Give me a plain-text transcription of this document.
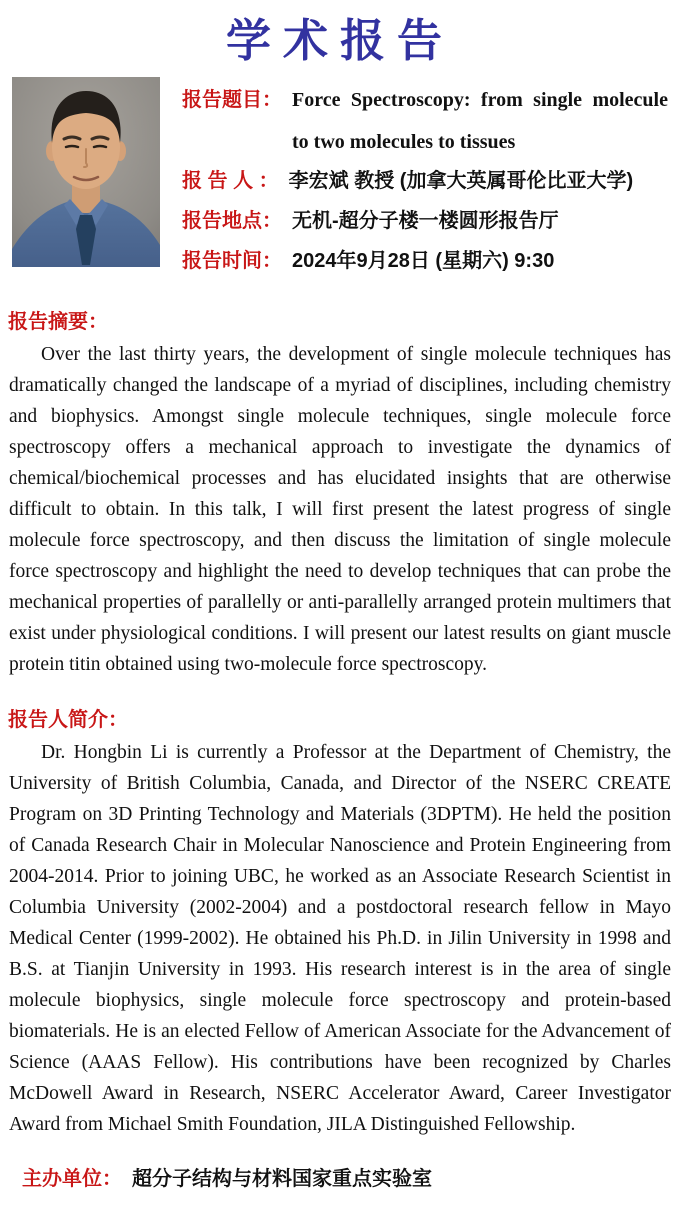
学术报告
报告题目： Force Spectroscopy: from single molecule to two molecules to tissues
报 告 人 ： 李宏斌 教授 (加拿大英属哥伦比亚大学)
报告地点： 无机-超分子楼一楼圆形报告厅
报告时间： 2024年9月28日 (星期六) 9:30
报告摘要：

Over the last thirty years, the development of single molecule techniques has dramatically changed the landscape of a myriad of disciplines, including chemistry and biophysics. Amongst single molecule techniques, single molecule force spectroscopy offers a mechanical approach to investigate the dynamics of chemical/biochemical processes and has elucidated insights that are otherwise difficult to obtain. In this talk, I will first present the latest progress of single molecule force spectroscopy, and then discuss the limitation of single molecule force spectroscopy and highlight the need to develop techniques that can probe the mechanical properties of parallelly or anti-parallelly arranged protein multimers that exist under physiological conditions. I will present our latest results on giant muscle protein titin obtained using two-molecule force spectroscopy.

报告人简介：

Dr. Hongbin Li is currently a Professor at the Department of Chemistry, the University of British Columbia, Canada, and Director of the NSERC CREATE Program on 3D Printing Technology and Materials (3DPTM). He held the position of Canada Research Chair in Molecular Nanoscience and Protein Engineering from 2004-2014. Prior to joining UBC, he worked as an Associate Research Scientist in Columbia University (2002-2004) and a postdoctoral research fellow in Mayo Medical Center (1999-2002). He obtained his Ph.D. in Jilin University in 1998 and B.S. at Tianjin University in 1993. His research interest is in the area of single molecule biophysics, single molecule force spectroscopy and protein-based biomaterials. He is an elected Fellow of American Associate for the Advancement of Science (AAAS Fellow). His contributions have been recognized by Charles McDowell Award in Research, NSERC Accelerator Award, Career Investigator Award from Michael Smith Foundation, JILA Distinguished Fellowship.

主办单位： 超分子结构与材料国家重点实验室
